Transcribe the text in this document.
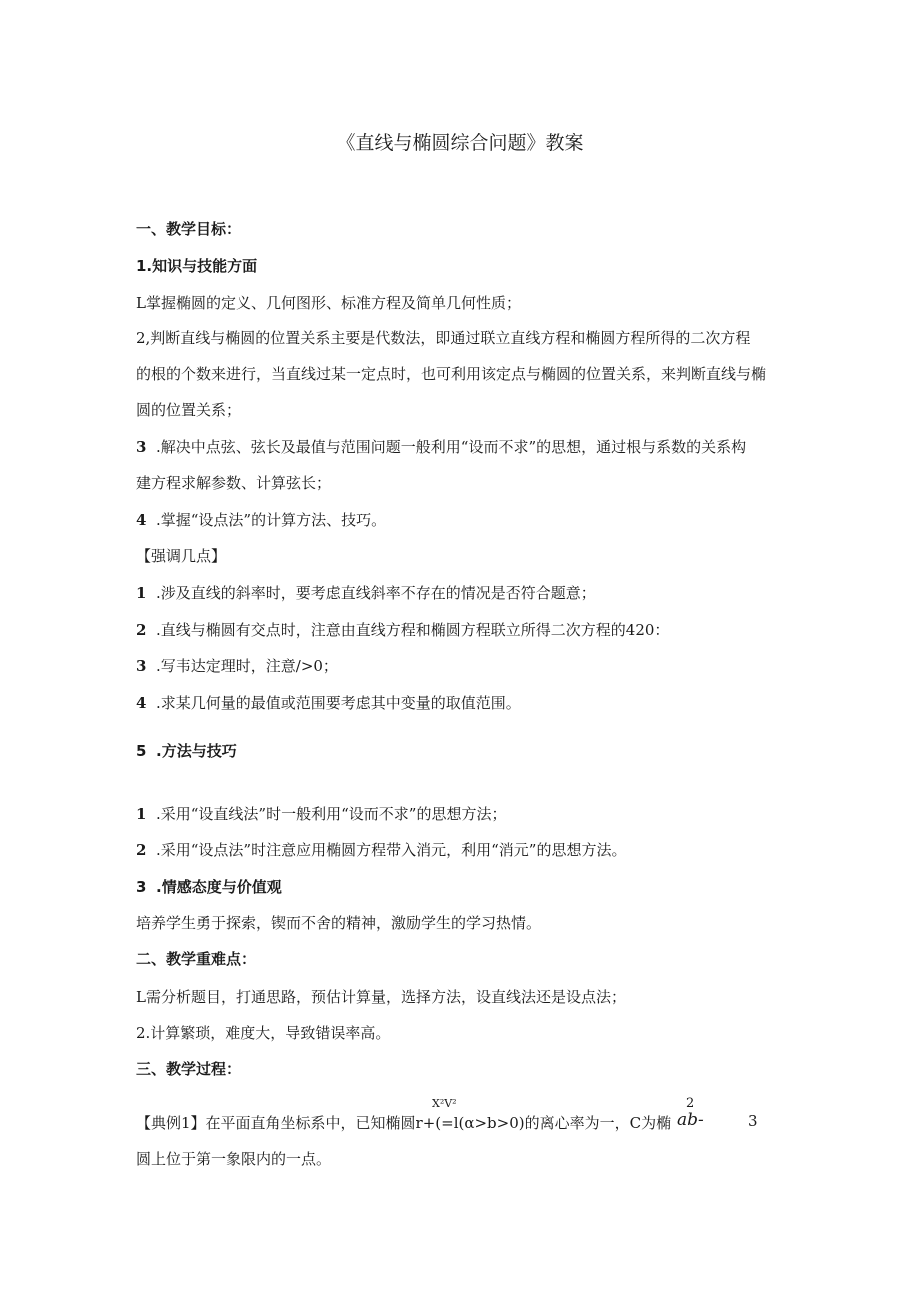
《直线与椭圆综合问题》教案
一、教学目标：
1.知识与技能方面
L掌握椭圆的定义、几何图形、标准方程及简单几何性质；
2,判断直线与椭圆的位置关系主要是代数法，即通过联立直线方程和椭圆方程所得的二次方程
的根的个数来进行，当直线过某一定点时，也可利用该定点与椭圆的位置关系，来判断直线与椭
圆的位置关系；
3 .解决中点弦、弦长及最值与范围问题一般利用“设而不求”的思想，通过根与系数的关系构
建方程求解参数、计算弦长；
4 .掌握“设点法”的计算方法、技巧。
【强调几点】
1 .涉及直线的斜率时，要考虑直线斜率不存在的情况是否符合题意；
2 .直线与椭圆有交点时，注意由直线方程和椭圆方程联立所得二次方程的420：
3 .写韦达定理时，注意/>0；
4 .求某几何量的最值或范围要考虑其中变量的取值范围。
5 .方法与技巧
1 .采用“设直线法”时一般利用“设而不求”的思想方法；
2 .采用“设点法”时注意应用椭圆方程带入消元，利用“消元”的思想方法。
3 .情感态度与价值观
培养学生勇于探索，锲而不舍的精神，激励学生的学习热情。
二、教学重难点：
L需分析题目，打通思路，预估计算量，选择方法，设直线法还是设点法；
2.计算繁琐，难度大，导致错误率高。
三、教学过程：
X²V²	2
【典例1】在平面直角坐标系中，已知椭圆r+(=l(α>b>0)的离心率为一，C为椭 ab-	3
圆上位于第一象限内的一点。
